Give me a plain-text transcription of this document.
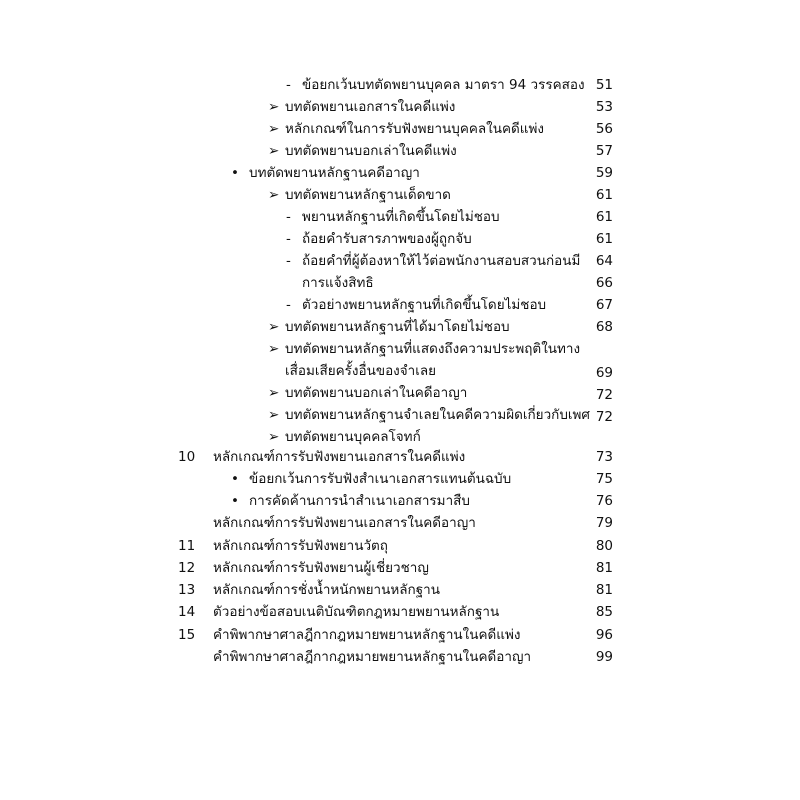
- ข้อยกเว้นบทตัดพยานบุคคล มาตรา 94 วรรคสอง 51
➢ บทตัดพยานเอกสารในคดีแพ่ง	53
➢ หลักเกณฑ์ในการรับฟังพยานบุคคลในคดีแพ่ง	56
➢ บทตัดพยานบอกเล่าในคดีแพ่ง	57
• บทตัดพยานหลักฐานคดีอาญา	59
➢ บทตัดพยานหลักฐานเด็ดขาด	61
- พยานหลักฐานที่เกิดขึ้นโดยไม่ชอบ	61
- ถ้อยคำรับสารภาพของผู้ถูกจับ	61
- ถ้อยคำที่ผู้ต้องหาให้ไว้ต่อพนักงานสอบสวนก่อนมี	64
การแจ้งสิทธิ	66
- ตัวอย่างพยานหลักฐานที่เกิดขึ้นโดยไม่ชอบ	67
➢ บทตัดพยานหลักฐานที่ได้มาโดยไม่ชอบ	68
➢ บทตัดพยานหลักฐานที่แสดงถึงความประพฤติในทาง
เสื่อมเสียครั้งอื่นของจำเลย	69
➢ บทตัดพยานบอกเล่าในคดีอาญา	72
➢ บทตัดพยานหลักฐานจำเลยในคดีความผิดเกี่ยวกับเพศ 72
➢ บทตัดพยานบุคคลโจทก์
10 หลักเกณฑ์การรับฟังพยานเอกสารในคดีแพ่ง	73
• ข้อยกเว้นการรับฟังสำเนาเอกสารแทนต้นฉบับ	75
• การคัดค้านการนำสำเนาเอกสารมาสืบ	76
หลักเกณฑ์การรับฟังพยานเอกสารในคดีอาญา	79
11 หลักเกณฑ์การรับฟังพยานวัตถุ	80
12 หลักเกณฑ์การรับฟังพยานผู้เชี่ยวชาญ	81
13 หลักเกณฑ์การชั่งน้ำหนักพยานหลักฐาน	81
14 ตัวอย่างข้อสอบเนติบัณฑิตกฎหมายพยานหลักฐาน	85
15 คำพิพากษาศาลฎีกากฎหมายพยานหลักฐานในคดีแพ่ง	96
คำพิพากษาศาลฎีกากฎหมายพยานหลักฐานในคดีอาญา	99
